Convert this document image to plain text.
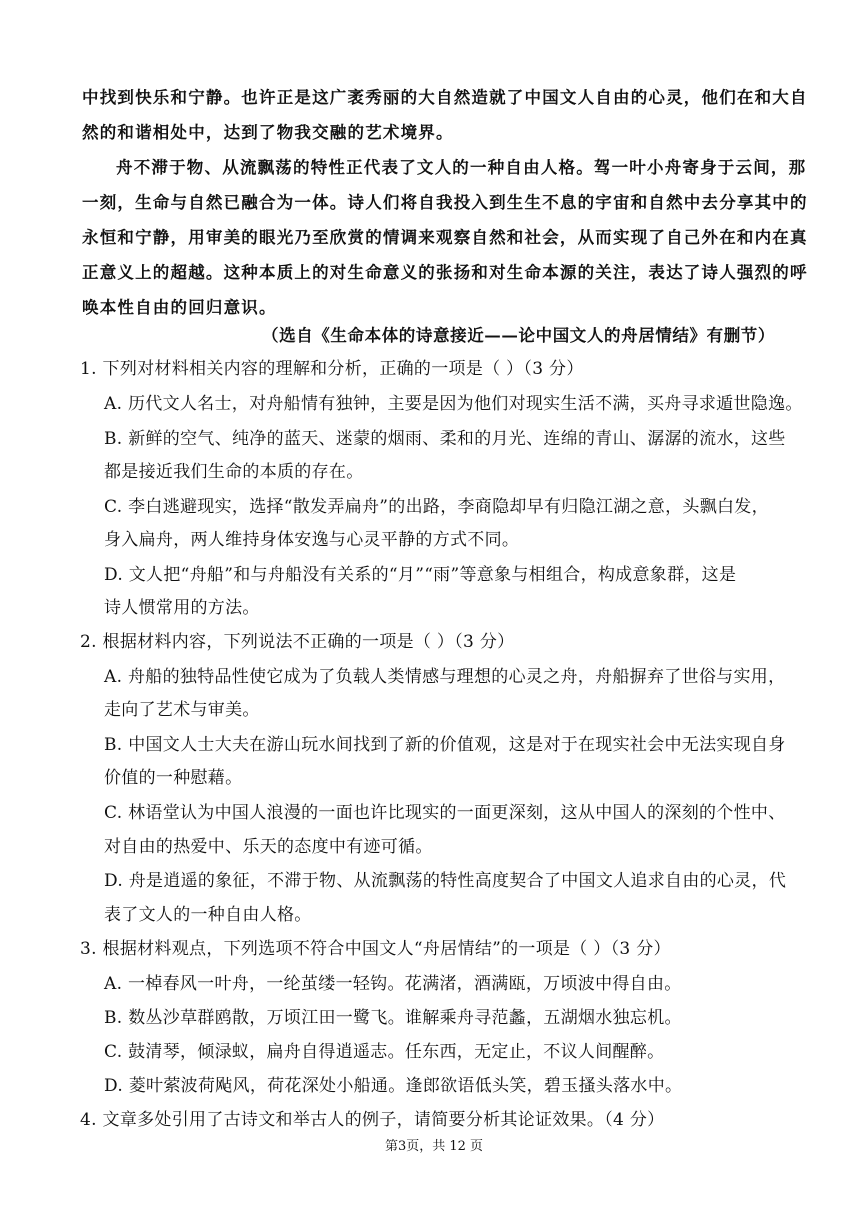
中找到快乐和宁静。也许正是这广袤秀丽的大自然造就了中国文人自由的心灵，他们在和大自
然的和谐相处中，达到了物我交融的艺术境界。
舟不滞于物、从流飘荡的特性正代表了文人的一种自由人格。驾一叶小舟寄身于云间，那
一刻，生命与自然已融合为一体。诗人们将自我投入到生生不息的宇宙和自然中去分享其中的
永恒和宁静，用审美的眼光乃至欣赏的情调来观察自然和社会，从而实现了自己外在和内在真
正意义上的超越。这种本质上的对生命意义的张扬和对生命本源的关注，表达了诗人强烈的呼
唤本性自由的回归意识。
（选自《生命本体的诗意接近——论中国文人的舟居情结》有删节）
1. 下列对材料相关内容的理解和分析，正确的一项是（ ）（3 分）
A. 历代文人名士，对舟船情有独钟，主要是因为他们对现实生活不满，买舟寻求遁世隐逸。
B. 新鲜的空气、纯净的蓝天、迷蒙的烟雨、柔和的月光、连绵的青山、潺潺的流水，这些
都是接近我们生命的本质的存在。
C. 李白逃避现实，选择“散发弄扁舟”的出路，李商隐却早有归隐江湖之意，头飘白发，
身入扁舟，两人维持身体安逸与心灵平静的方式不同。
D. 文人把“舟船”和与舟船没有关系的“月”“雨”等意象与相组合，构成意象群，这是
诗人惯常用的方法。
2. 根据材料内容，下列说法不正确的一项是（ ）（3 分）
A. 舟船的独特品性使它成为了负载人类情感与理想的心灵之舟，舟船摒弃了世俗与实用，
走向了艺术与审美。
B. 中国文人士大夫在游山玩水间找到了新的价值观，这是对于在现实社会中无法实现自身
价值的一种慰藉。
C. 林语堂认为中国人浪漫的一面也许比现实的一面更深刻，这从中国人的深刻的个性中、
对自由的热爱中、乐天的态度中有迹可循。
D. 舟是逍遥的象征，不滞于物、从流飘荡的特性高度契合了中国文人追求自由的心灵，代
表了文人的一种自由人格。
3. 根据材料观点，下列选项不符合中国文人“舟居情结”的一项是（ ）（3 分）
A. 一棹春风一叶舟，一纶茧缕一轻钩。花满渚，酒满瓯，万顷波中得自由。
B. 数丛沙草群鸥散，万顷江田一鹭飞。谁解乘舟寻范蠡，五湖烟水独忘机。
C. 鼓清琴，倾渌蚁，扁舟自得逍遥志。任东西，无定止，不议人间醒醉。
D. 菱叶萦波荷飐风，荷花深处小船通。逢郎欲语低头笑，碧玉搔头落水中。
4. 文章多处引用了古诗文和举古人的例子，请简要分析其论证效果。（4 分）
第3页，共 12 页
